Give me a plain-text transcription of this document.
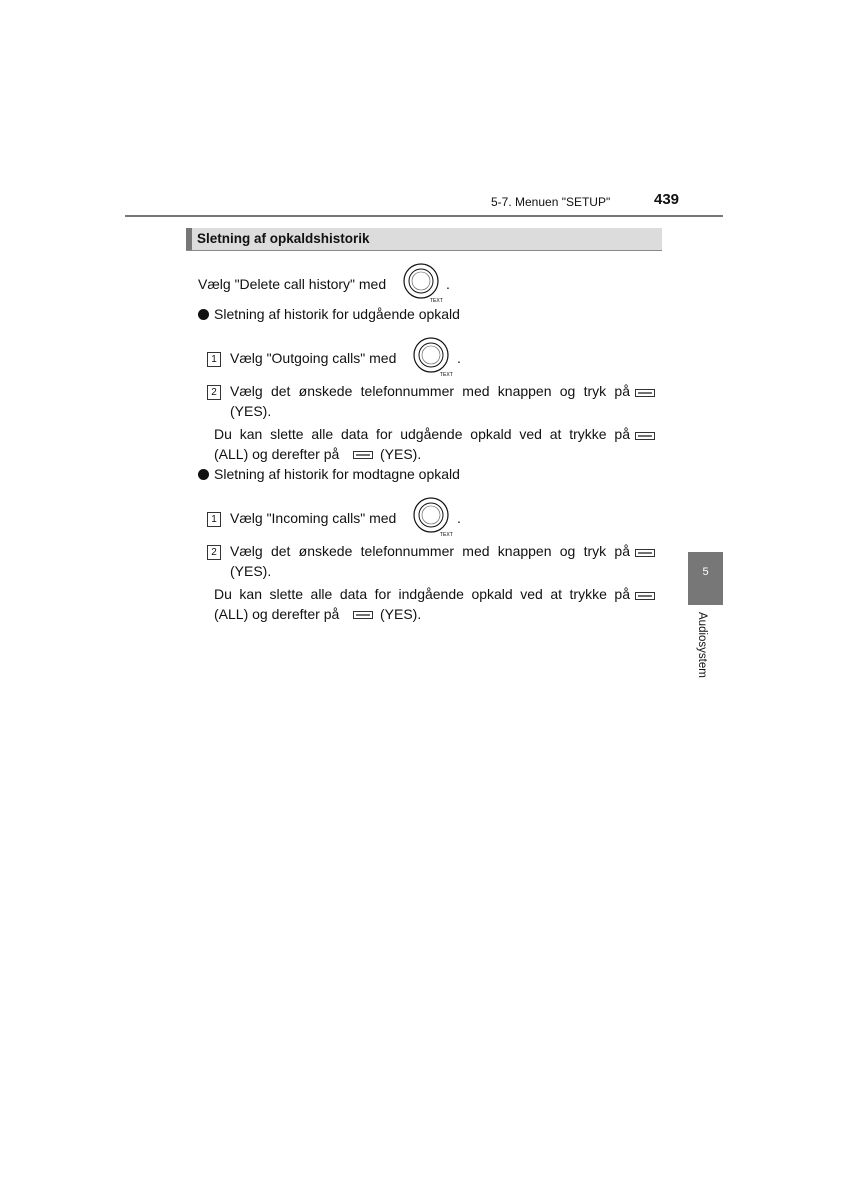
5-7. Menuen "SETUP"	439
Sletning af opkaldshistorik
Vælg "Delete call history" med
TEXT
.
Sletning af historik for udgående opkald
1 Vælg "Outgoing calls" med
TEXT
.
2 Vælg det ønskede telefonnummer med knappen og tryk på
(YES).
Du kan slette alle data for udgående opkald ved at trykke på
(ALL) og derefter på	(YES).
Sletning af historik for modtagne opkald
1 Vælg "Incoming calls" med
TEXT
.
2 Vælg det ønskede telefonnummer med knappen og tryk på
(YES).
Du kan slette alle data for indgående opkald ved at trykke på
(ALL) og derefter på	(YES).
5
Audiosystem
